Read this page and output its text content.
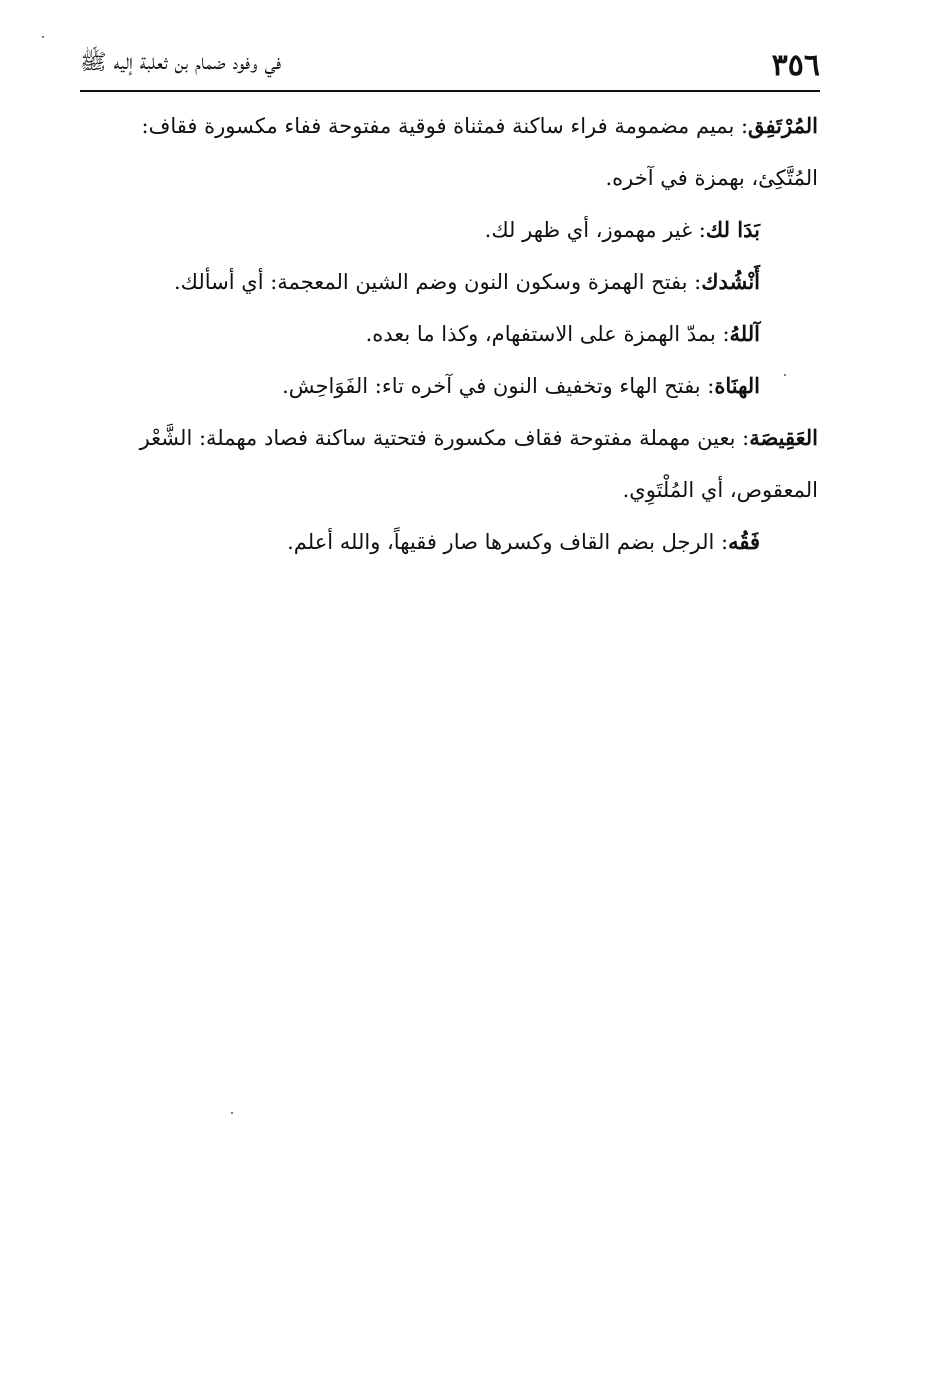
٣٥٦
في وفود ضمام بن ثعلبة إليه ﷺ

المُرْتَفِق: بميم مضمومة فراء ساكنة فمثناة فوقية مفتوحة ففاء مكسورة فقاف: المُتَّكِئ، بهمزة في آخره.

بَدَا لك: غير مهموز، أي ظهر لك.

أَنْشُدك: بفتح الهمزة وسكون النون وضم الشين المعجمة: أي أسألك.

آللهُ: بمدّ الهمزة على الاستفهام، وكذا ما بعده.

الهنَاة: بفتح الهاء وتخفيف النون في آخره تاء: الفَوَاحِش.

العَقِيصَة: بعين مهملة مفتوحة فقاف مكسورة فتحتية ساكنة فصاد مهملة: الشَّعْر المعقوص، أي المُلْتَوِي.

فَقُه: الرجل بضم القاف وكسرها صار فقيهاً، والله أعلم.
